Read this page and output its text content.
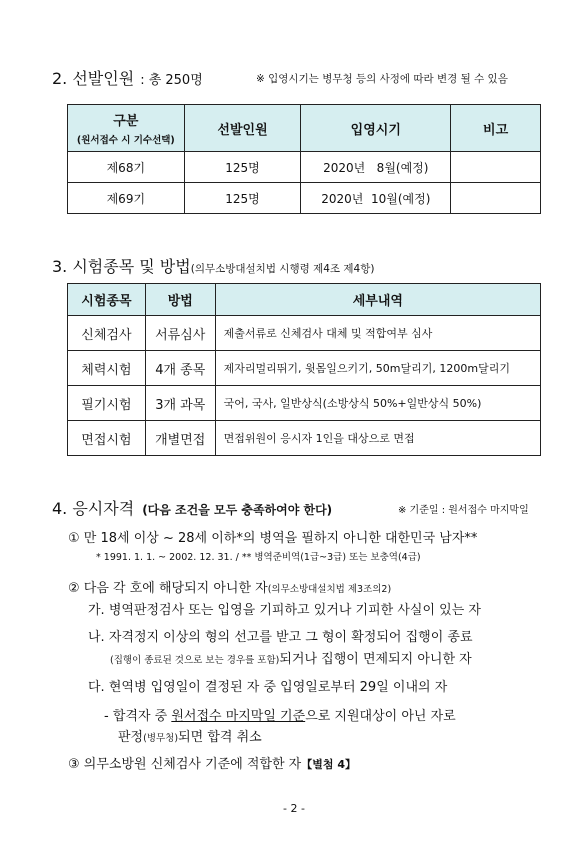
2. 선발인원 : 총 250명	※ 입영시기는 병무청 등의 사정에 따라 변경 될 수 있음
구분
(원서접수 시 기수선택)	선발인원	입영시기	비고
제68기	125명	2020년   8월(예정)	
제69기	125명	2020년  10월(예정)	
3. 시험종목 및 방법(의무소방대설치법 시행령 제4조 제4항)
시험종목	방법	세부내역
신체검사	서류심사	제출서류로 신체검사 대체 및 적합여부 심사
체력시험	4개 종목	제자리멀리뛰기, 윗몸일으키기, 50m달리기, 1200m달리기
필기시험	3개 과목	국어, 국사, 일반상식(소방상식 50%+일반상식 50%)
면접시험	개별면접	면접위원이 응시자 1인을 대상으로 면접
4. 응시자격 (다음 조건을 모두 충족하여야 한다)	※ 기준일 : 원서접수 마지막일
① 만 18세 이상 ~ 28세 이하*의 병역을 필하지 아니한 대한민국 남자**
* 1991. 1. 1. ~ 2002. 12. 31. / ** 병역준비역(1급~3급) 또는 보충역(4급)
② 다음 각 호에 해당되지 아니한 자(의무소방대설치법 제3조의2)
가. 병역판정검사 또는 입영을 기피하고 있거나 기피한 사실이 있는 자
나. 자격정지 이상의 형의 선고를 받고 그 형이 확정되어 집행이 종료
(집행이 종료된 것으로 보는 경우를 포함)되거나 집행이 면제되지 아니한 자
다. 현역병 입영일이 결정된 자 중 입영일로부터 29일 이내의 자
- 합격자 중 원서접수 마지막일 기준으로 지원대상이 아닌 자로
판정(병무청)되면 합격 취소
③ 의무소방원 신체검사 기준에 적합한 자【별첨 4】
- 2 -
